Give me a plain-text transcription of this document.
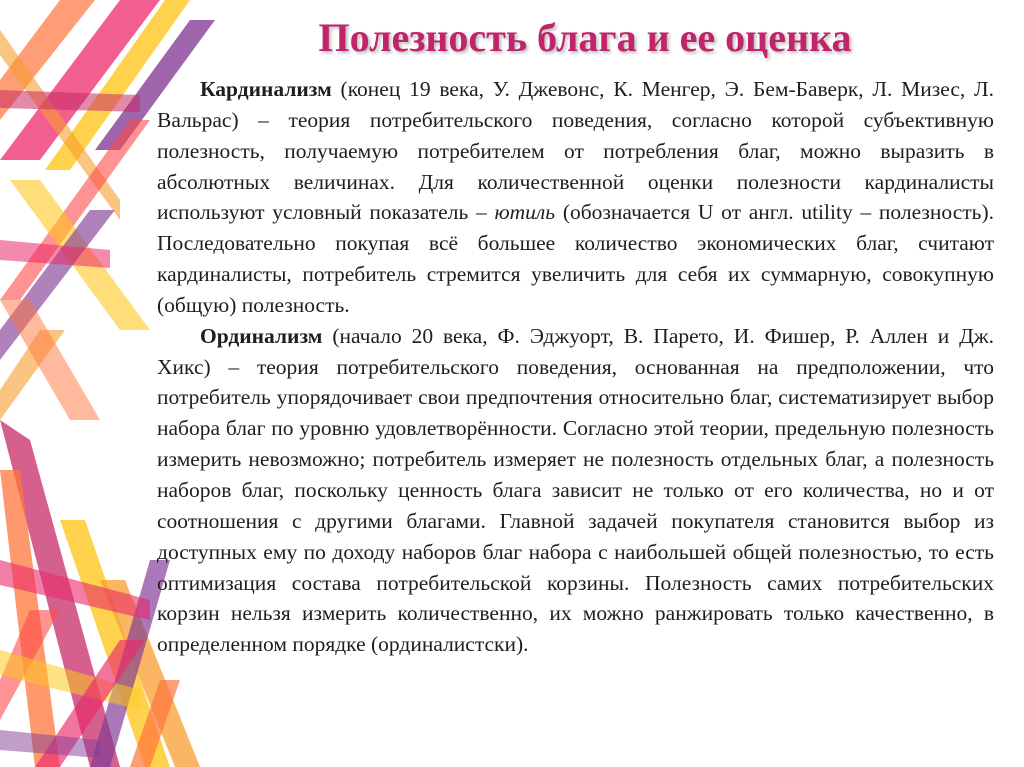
Полезность блага и ее оценка

Кардинализм (конец 19 века, У. Джевонс, К. Менгер, Э. Бем-Баверк, Л. Мизес, Л. Вальрас) – теория потребительского поведения, согласно которой субъективную полезность, получаемую потребителем от потребления благ, можно выразить в абсолютных величинах. Для количественной оценки полезности кардиналисты используют условный показатель – ютиль (обозначается U от англ. utility – полезность). Последовательно покупая всё большее количество экономических благ, считают кардиналисты, потребитель стремится увеличить для себя их суммарную, совокупную (общую) полезность.

Ординализм (начало 20 века, Ф. Эджуорт, В. Парето, И. Фишер, Р. Аллен и Дж. Хикс) – теория потребительского поведения, основанная на предположении, что потребитель упорядочивает свои предпочтения относительно благ, систематизирует выбор набора благ по уровню удовлетворённости. Согласно этой теории, предельную полезность измерить невозможно; потребитель измеряет не полезность отдельных благ, а полезность наборов благ, поскольку ценность блага зависит не только от его количества, но и от соотношения с другими благами. Главной задачей покупателя становится выбор из доступных ему по доходу наборов благ набора с наибольшей общей полезностью, то есть оптимизация состава потребительской корзины. Полезность самих потребительских корзин нельзя измерить количественно, их можно ранжировать только качественно, в определенном порядке (ординалистски).
